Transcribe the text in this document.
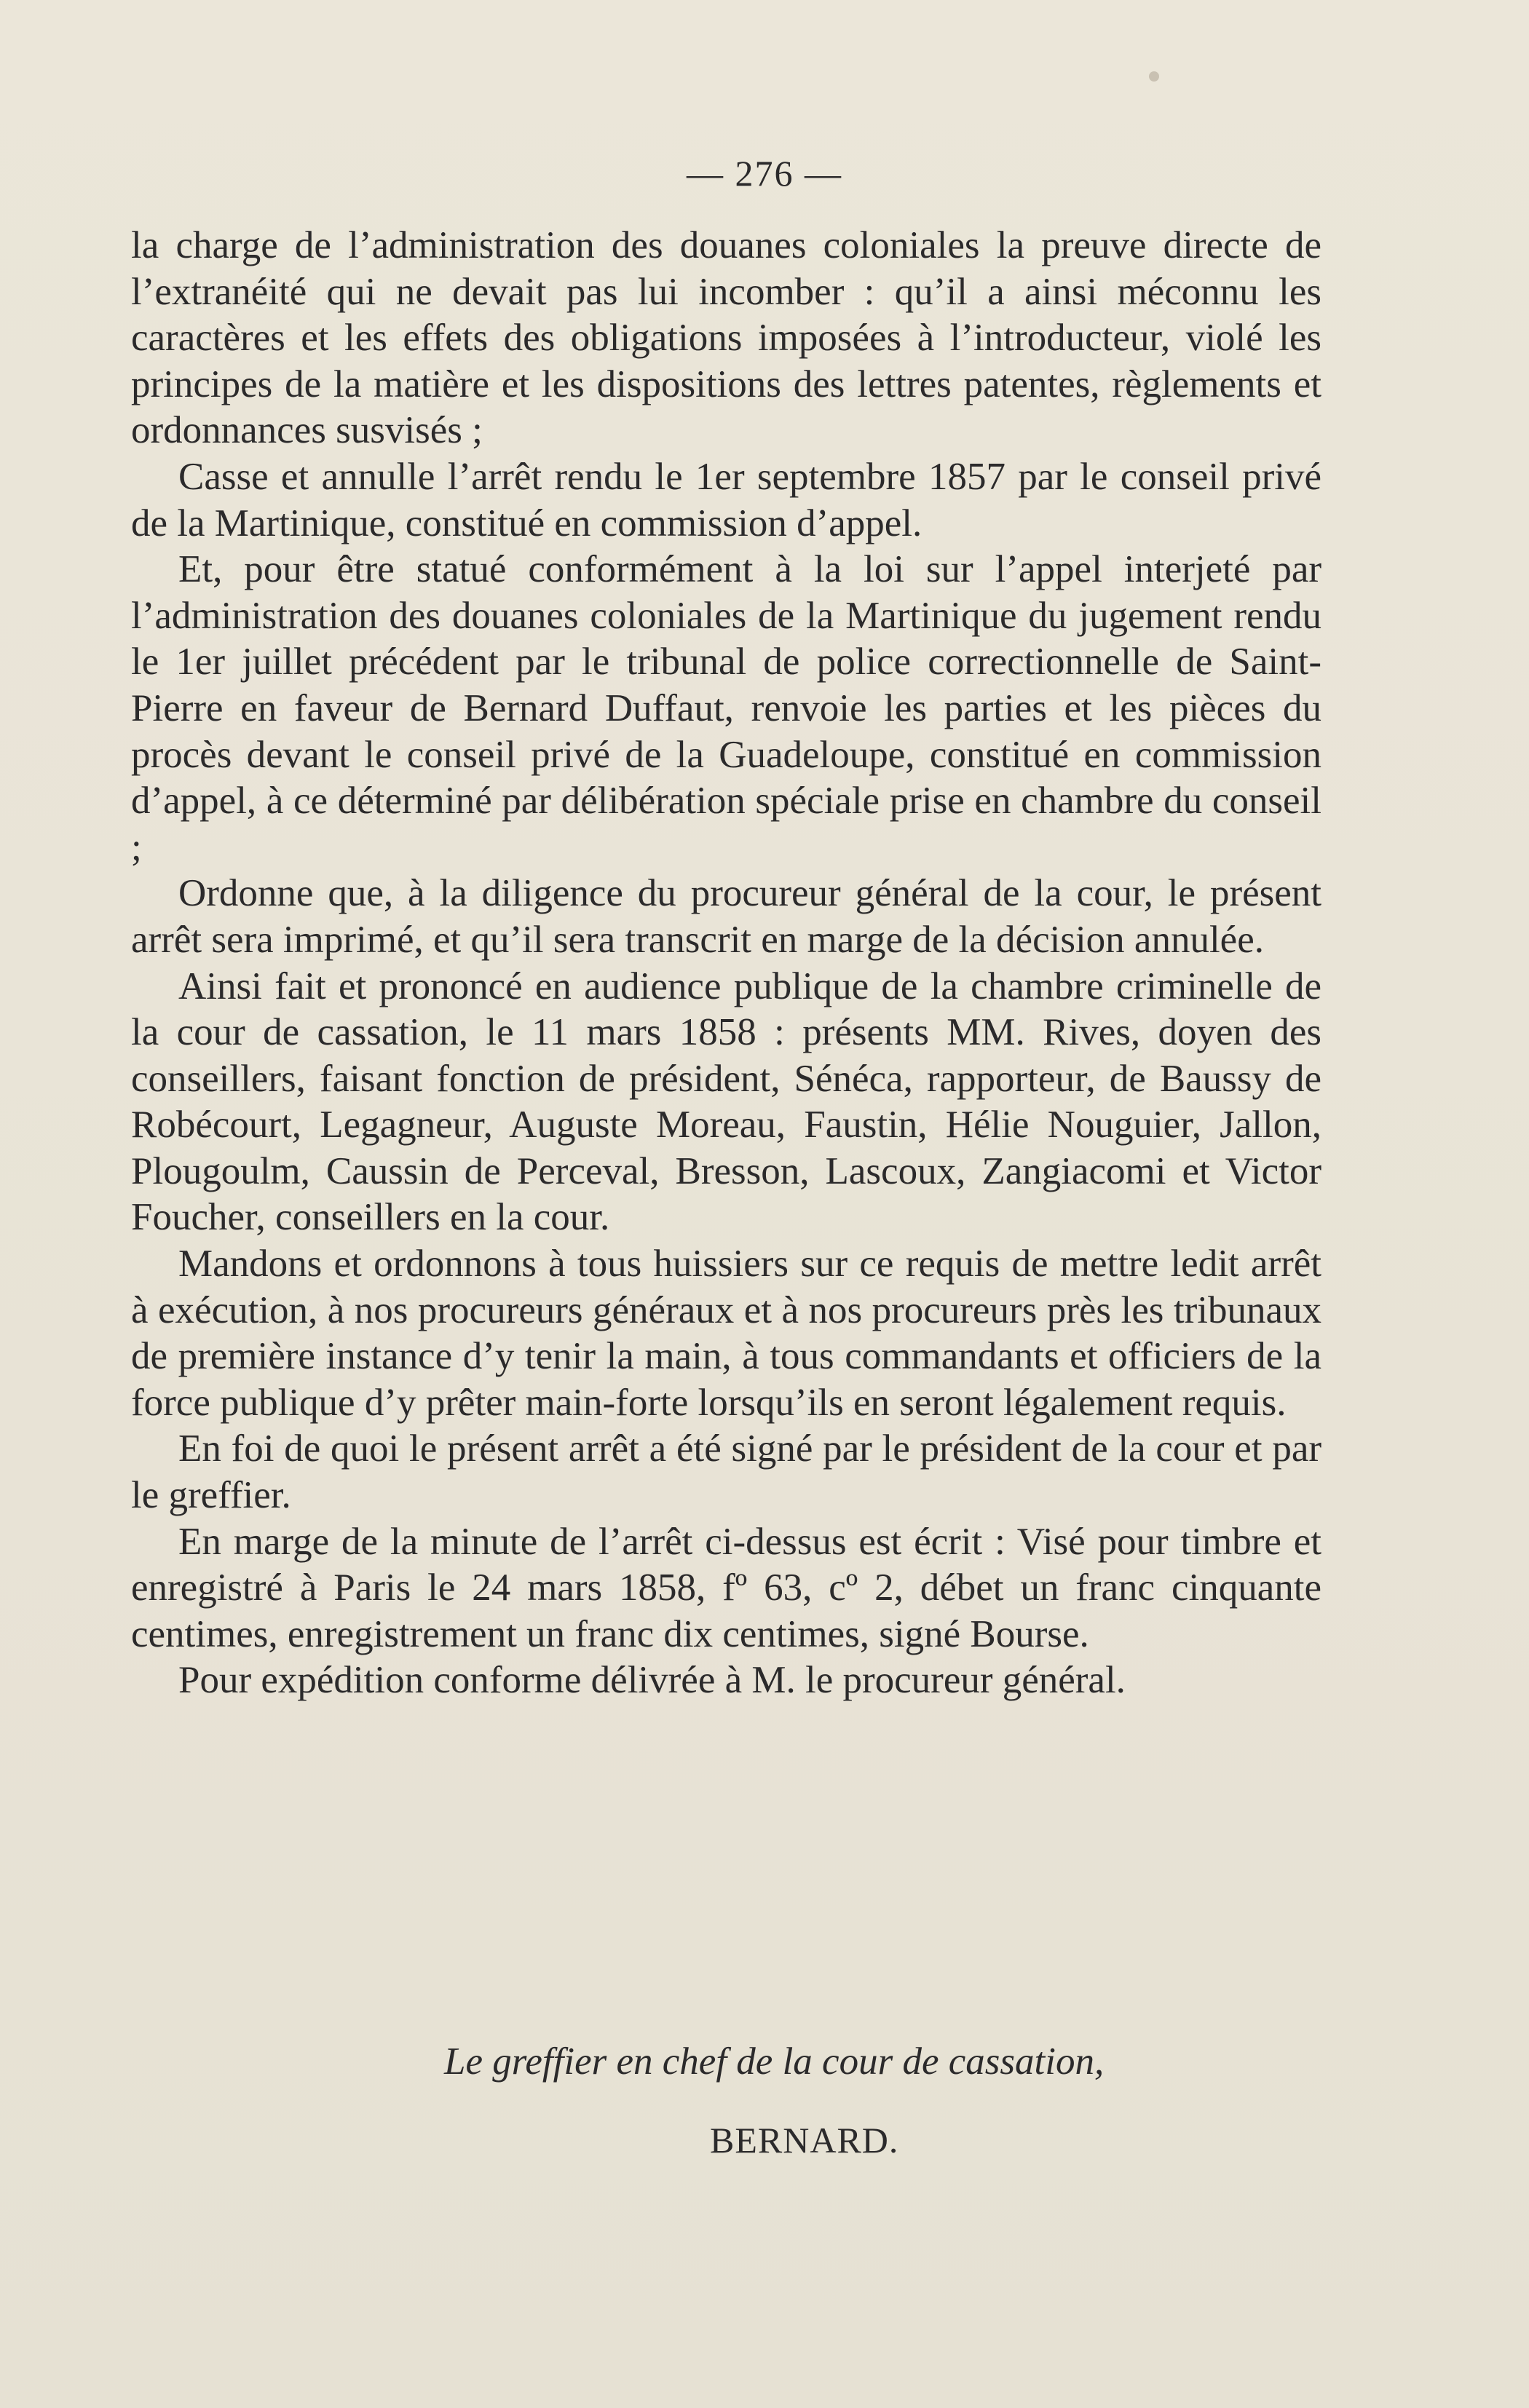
— 276 —

la charge de l’administration des douanes coloniales la preuve directe de l’extranéité qui ne devait pas lui incomber : qu’il a ainsi méconnu les caractères et les effets des obligations imposées à l’introducteur, violé les principes de la matière et les dispositions des lettres patentes, règlements et ordonnances susvisés ;

Casse et annulle l’arrêt rendu le 1er septembre 1857 par le conseil privé de la Martinique, constitué en commission d’appel.

Et, pour être statué conformément à la loi sur l’appel interjeté par l’administration des douanes coloniales de la Martinique du jugement rendu le 1er juillet précédent par le tribunal de police correctionnelle de Saint-Pierre en faveur de Bernard Duffaut, renvoie les parties et les pièces du procès devant le conseil privé de la Guadeloupe, constitué en commission d’appel, à ce déterminé par délibération spéciale prise en chambre du conseil ;

Ordonne que, à la diligence du procureur général de la cour, le présent arrêt sera imprimé, et qu’il sera transcrit en marge de la décision annulée.

Ainsi fait et prononcé en audience publique de la chambre criminelle de la cour de cassation, le 11 mars 1858 : présents MM. Rives, doyen des conseillers, faisant fonction de président, Sénéca, rapporteur, de Baussy de Robécourt, Legagneur, Auguste Moreau, Faustin, Hélie Nouguier, Jallon, Plougoulm, Caussin de Perceval, Bresson, Lascoux, Zangiacomi et Victor Foucher, conseillers en la cour.

Mandons et ordonnons à tous huissiers sur ce requis de mettre ledit arrêt à exécution, à nos procureurs généraux et à nos procureurs près les tribunaux de première instance d’y tenir la main, à tous commandants et officiers de la force publique d’y prêter main-forte lorsqu’ils en seront légalement requis.

En foi de quoi le présent arrêt a été signé par le président de la cour et par le greffier.

En marge de la minute de l’arrêt ci-dessus est écrit : Visé pour timbre et enregistré à Paris le 24 mars 1858, fº 63, cº 2, débet un franc cinquante centimes, enregistrement un franc dix centimes, signé Bourse.

Pour expédition conforme délivrée à M. le procureur général.

Le greffier en chef de la cour de cassation,
BERNARD.
